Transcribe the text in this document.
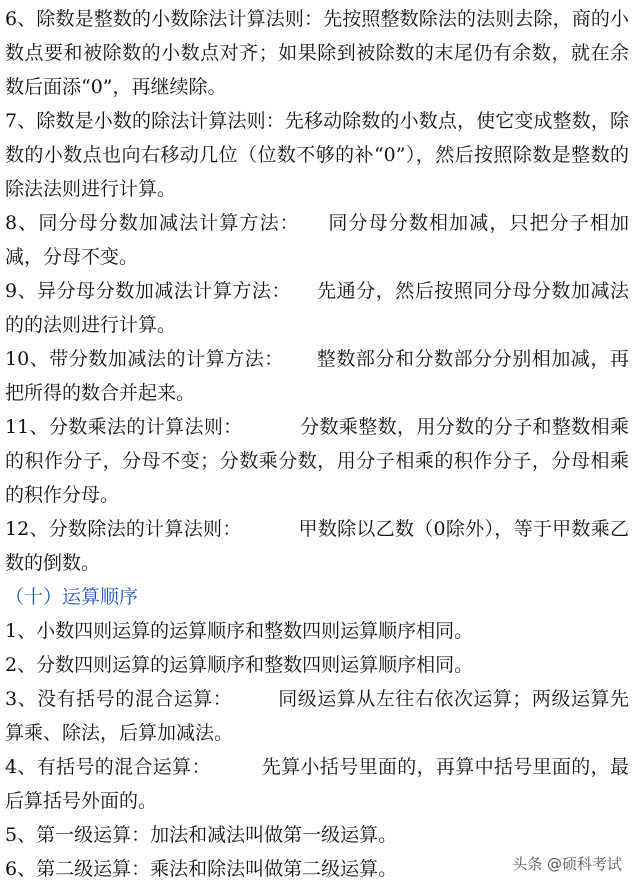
6、除数是整数的小数除法计算法则：先按照整数除法的法则去除，商的小数点要和被除数的小数点对齐；如果除到被除数的末尾仍有余数，就在余数后面添“0”，再继续除。

7、除数是小数的除法计算法则：先移动除数的小数点，使它变成整数，除数的小数点也向右移动几位（位数不够的补“0”），然后按照除数是整数的除法法则进行计算。

8、同分母分数加减法计算方法：    同分母分数相加减，只把分子相加减，分母不变。

9、异分母分数加减法计算方法：    先通分，然后按照同分母分数加减法的的法则进行计算。

10、带分数加减法的计算方法：     整数部分和分数部分分别相加减，再把所得的数合并起来。

11、分数乘法的计算法则：         分数乘整数，用分数的分子和整数相乘的积作分子，分母不变；分数乘分数，用分子相乘的积作分子，分母相乘的积作分母。

12、分数除法的计算法则：         甲数除以乙数（0除外），等于甲数乘乙数的倒数。

（十）运算顺序

1、小数四则运算的运算顺序和整数四则运算顺序相同。

2、分数四则运算的运算顺序和整数四则运算顺序相同。

3、没有括号的混合运算：       同级运算从左往右依次运算；两级运算先算乘、除法，后算加减法。

4、有括号的混合运算：        先算小括号里面的，再算中括号里面的，最后算括号外面的。

5、第一级运算：加法和减法叫做第一级运算。

6、第二级运算：乘法和除法叫做第二级运算。	头条 @硕科考试
